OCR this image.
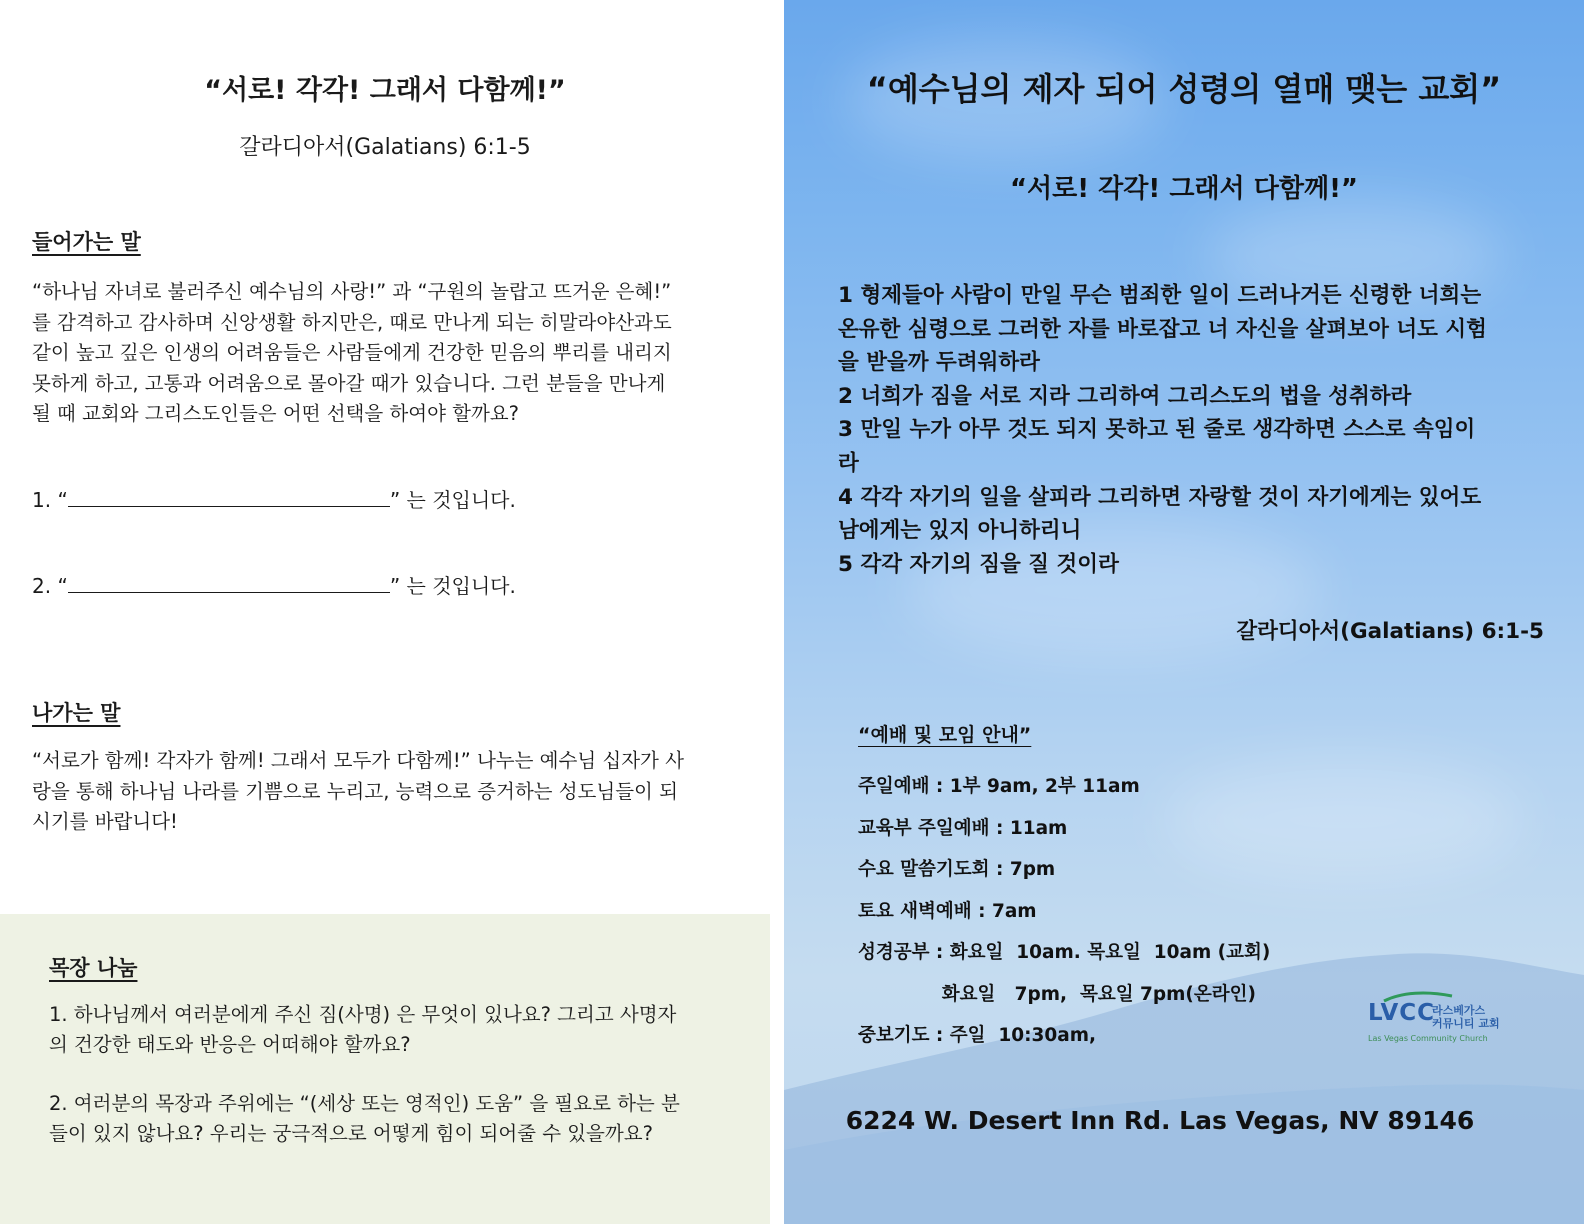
“서로! 각각! 그래서 다함께!”
갈라디아서(Galatians) 6:1-5
들어가는 말
“하나님 자녀로 불러주신 예수님의 사랑!” 과 “구원의 놀랍고 뜨거운 은혜!”
를 감격하고 감사하며 신앙생활 하지만은, 때로 만나게 되는 히말라야산과도
같이 높고 깊은 인생의 어려움들은 사람들에게 건강한 믿음의 뿌리를 내리지
못하게 하고, 고통과 어려움으로 몰아갈 때가 있습니다. 그런 분들을 만나게
될 때 교회와 그리스도인들은 어떤 선택을 하여야 할까요?
1. “	” 는 것입니다.
2. “	” 는 것입니다.
나가는 말
“서로가 함께! 각자가 함께! 그래서 모두가 다함께!” 나누는 예수님 십자가 사
랑을 통해 하나님 나라를 기쁨으로 누리고, 능력으로 증거하는 성도님들이 되
시기를 바랍니다!
목장 나눔
1. 하나님께서 여러분에게 주신 짐(사명) 은 무엇이 있나요? 그리고 사명자
의 건강한 태도와 반응은 어떠해야 할까요?
2. 여러분의 목장과 주위에는 “(세상 또는 영적인) 도움” 을 필요로 하는 분
들이 있지 않나요? 우리는 궁극적으로 어떻게 힘이 되어줄 수 있을까요?
“예수님의 제자 되어 성령의 열매 맺는 교회”
“서로! 각각! 그래서 다함께!”
1 형제들아 사람이 만일 무슨 범죄한 일이 드러나거든 신령한 너희는
온유한 심령으로 그러한 자를 바로잡고 너 자신을 살펴보아 너도 시험
을 받을까 두려워하라
2 너희가 짐을 서로 지라 그리하여 그리스도의 법을 성취하라
3 만일 누가 아무 것도 되지 못하고 된 줄로 생각하면 스스로 속임이
라
4 각각 자기의 일을 살피라 그리하면 자랑할 것이 자기에게는 있어도
남에게는 있지 아니하리니
5 각각 자기의 짐을 질 것이라
갈라디아서(Galatians) 6:1-5
“예배 및 모임 안내”
주일예배 : 1부 9am, 2부 11am
교육부 주일예배 : 11am
수요 말씀기도회 : 7pm
토요 새벽예배 : 7am
성경공부 : 화요일  10am. 목요일  10am (교회)
화요일   7pm,  목요일 7pm(온라인)
중보기도 : 주일  10:30am,
LVCC
라스베가스
커뮤니티 교회
Las Vegas Community Church
6224 W. Desert Inn Rd. Las Vegas, NV 89146
